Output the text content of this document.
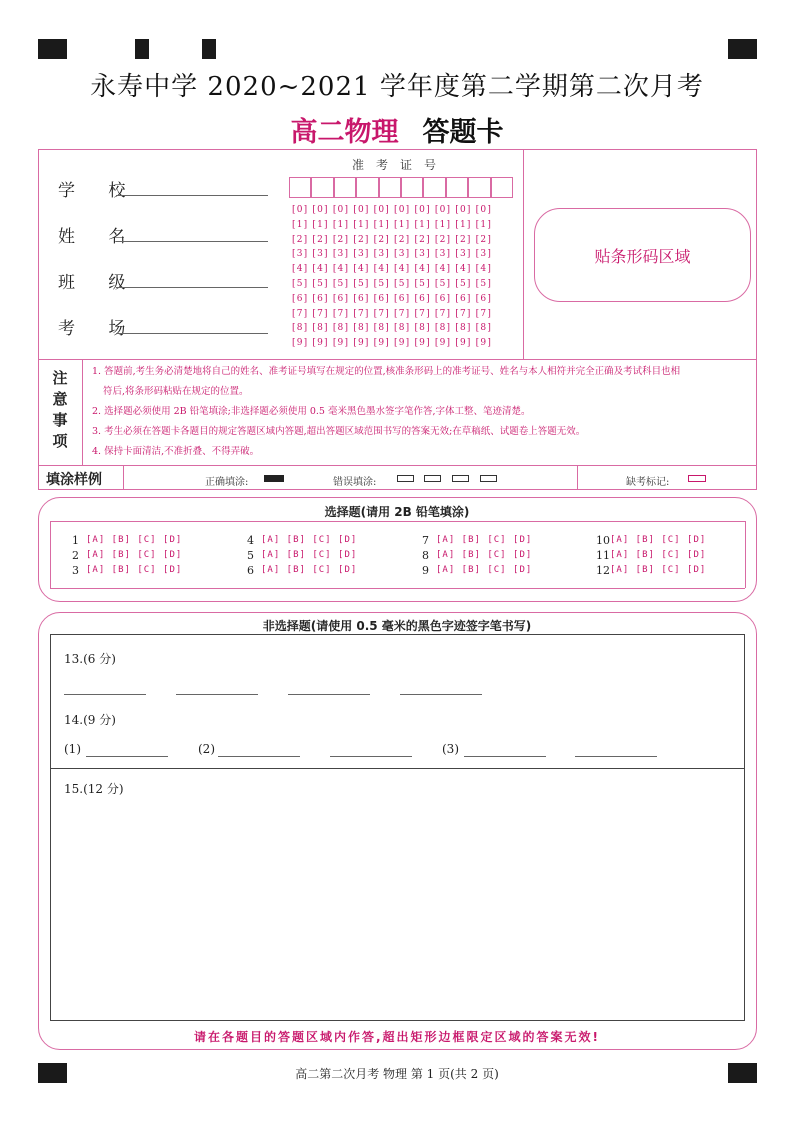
永寿中学 2020~2021 学年度第二学期第二次月考
高二物理 答题卡
学 校
姓 名
班 级
考 场
准考证号
[0] [0] [0] [0] [0] [0] [0] [0] [0] [0]
[1] [1] [1] [1] [1] [1] [1] [1] [1] [1]
[2] [2] [2] [2] [2] [2] [2] [2] [2] [2]
[3] [3] [3] [3] [3] [3] [3] [3] [3] [3]
[4] [4] [4] [4] [4] [4] [4] [4] [4] [4]
[5] [5] [5] [5] [5] [5] [5] [5] [5] [5]
[6] [6] [6] [6] [6] [6] [6] [6] [6] [6]
[7] [7] [7] [7] [7] [7] [7] [7] [7] [7]
[8] [8] [8] [8] [8] [8] [8] [8] [8] [8]
[9] [9] [9] [9] [9] [9] [9] [9] [9] [9]
贴条形码区域
注意事项
1. 答题前,考生务必清楚地将自己的姓名、准考证号填写在规定的位置,核准条形码上的准考证号、姓名与本人相符并完全正确及考试科目也相
符后,将条形码粘贴在规定的位置。
2. 选择题必须使用 2B 铅笔填涂;非选择题必须使用 0.5 毫米黑色墨水签字笔作答,字体工整、笔迹清楚。
3. 考生必须在答题卡各题目的规定答题区域内答题,超出答题区域范围书写的答案无效;在草稿纸、试题卷上答题无效。
4. 保持卡面清洁,不准折叠、不得弄破。
填涂样例	正确填涂:	错误填涂:	缺考标记:
选择题(请用 2B 铅笔填涂)
1 [A] [B] [C] [D]
2 [A] [B] [C] [D]
3 [A] [B] [C] [D]
4 [A] [B] [C] [D]
5 [A] [B] [C] [D]
6 [A] [B] [C] [D]
7 [A] [B] [C] [D]
8 [A] [B] [C] [D]
9 [A] [B] [C] [D]
10 [A] [B] [C] [D]
11 [A] [B] [C] [D]
12 [A] [B] [C] [D]
非选择题(请使用 0.5 毫米的黑色字迹签字笔书写)
13.(6 分)
14.(9 分)
(1)	(2)	(3)
15.(12 分)
请在各题目的答题区域内作答,超出矩形边框限定区域的答案无效!
高二第二次月考 物理 第 1 页(共 2 页)
